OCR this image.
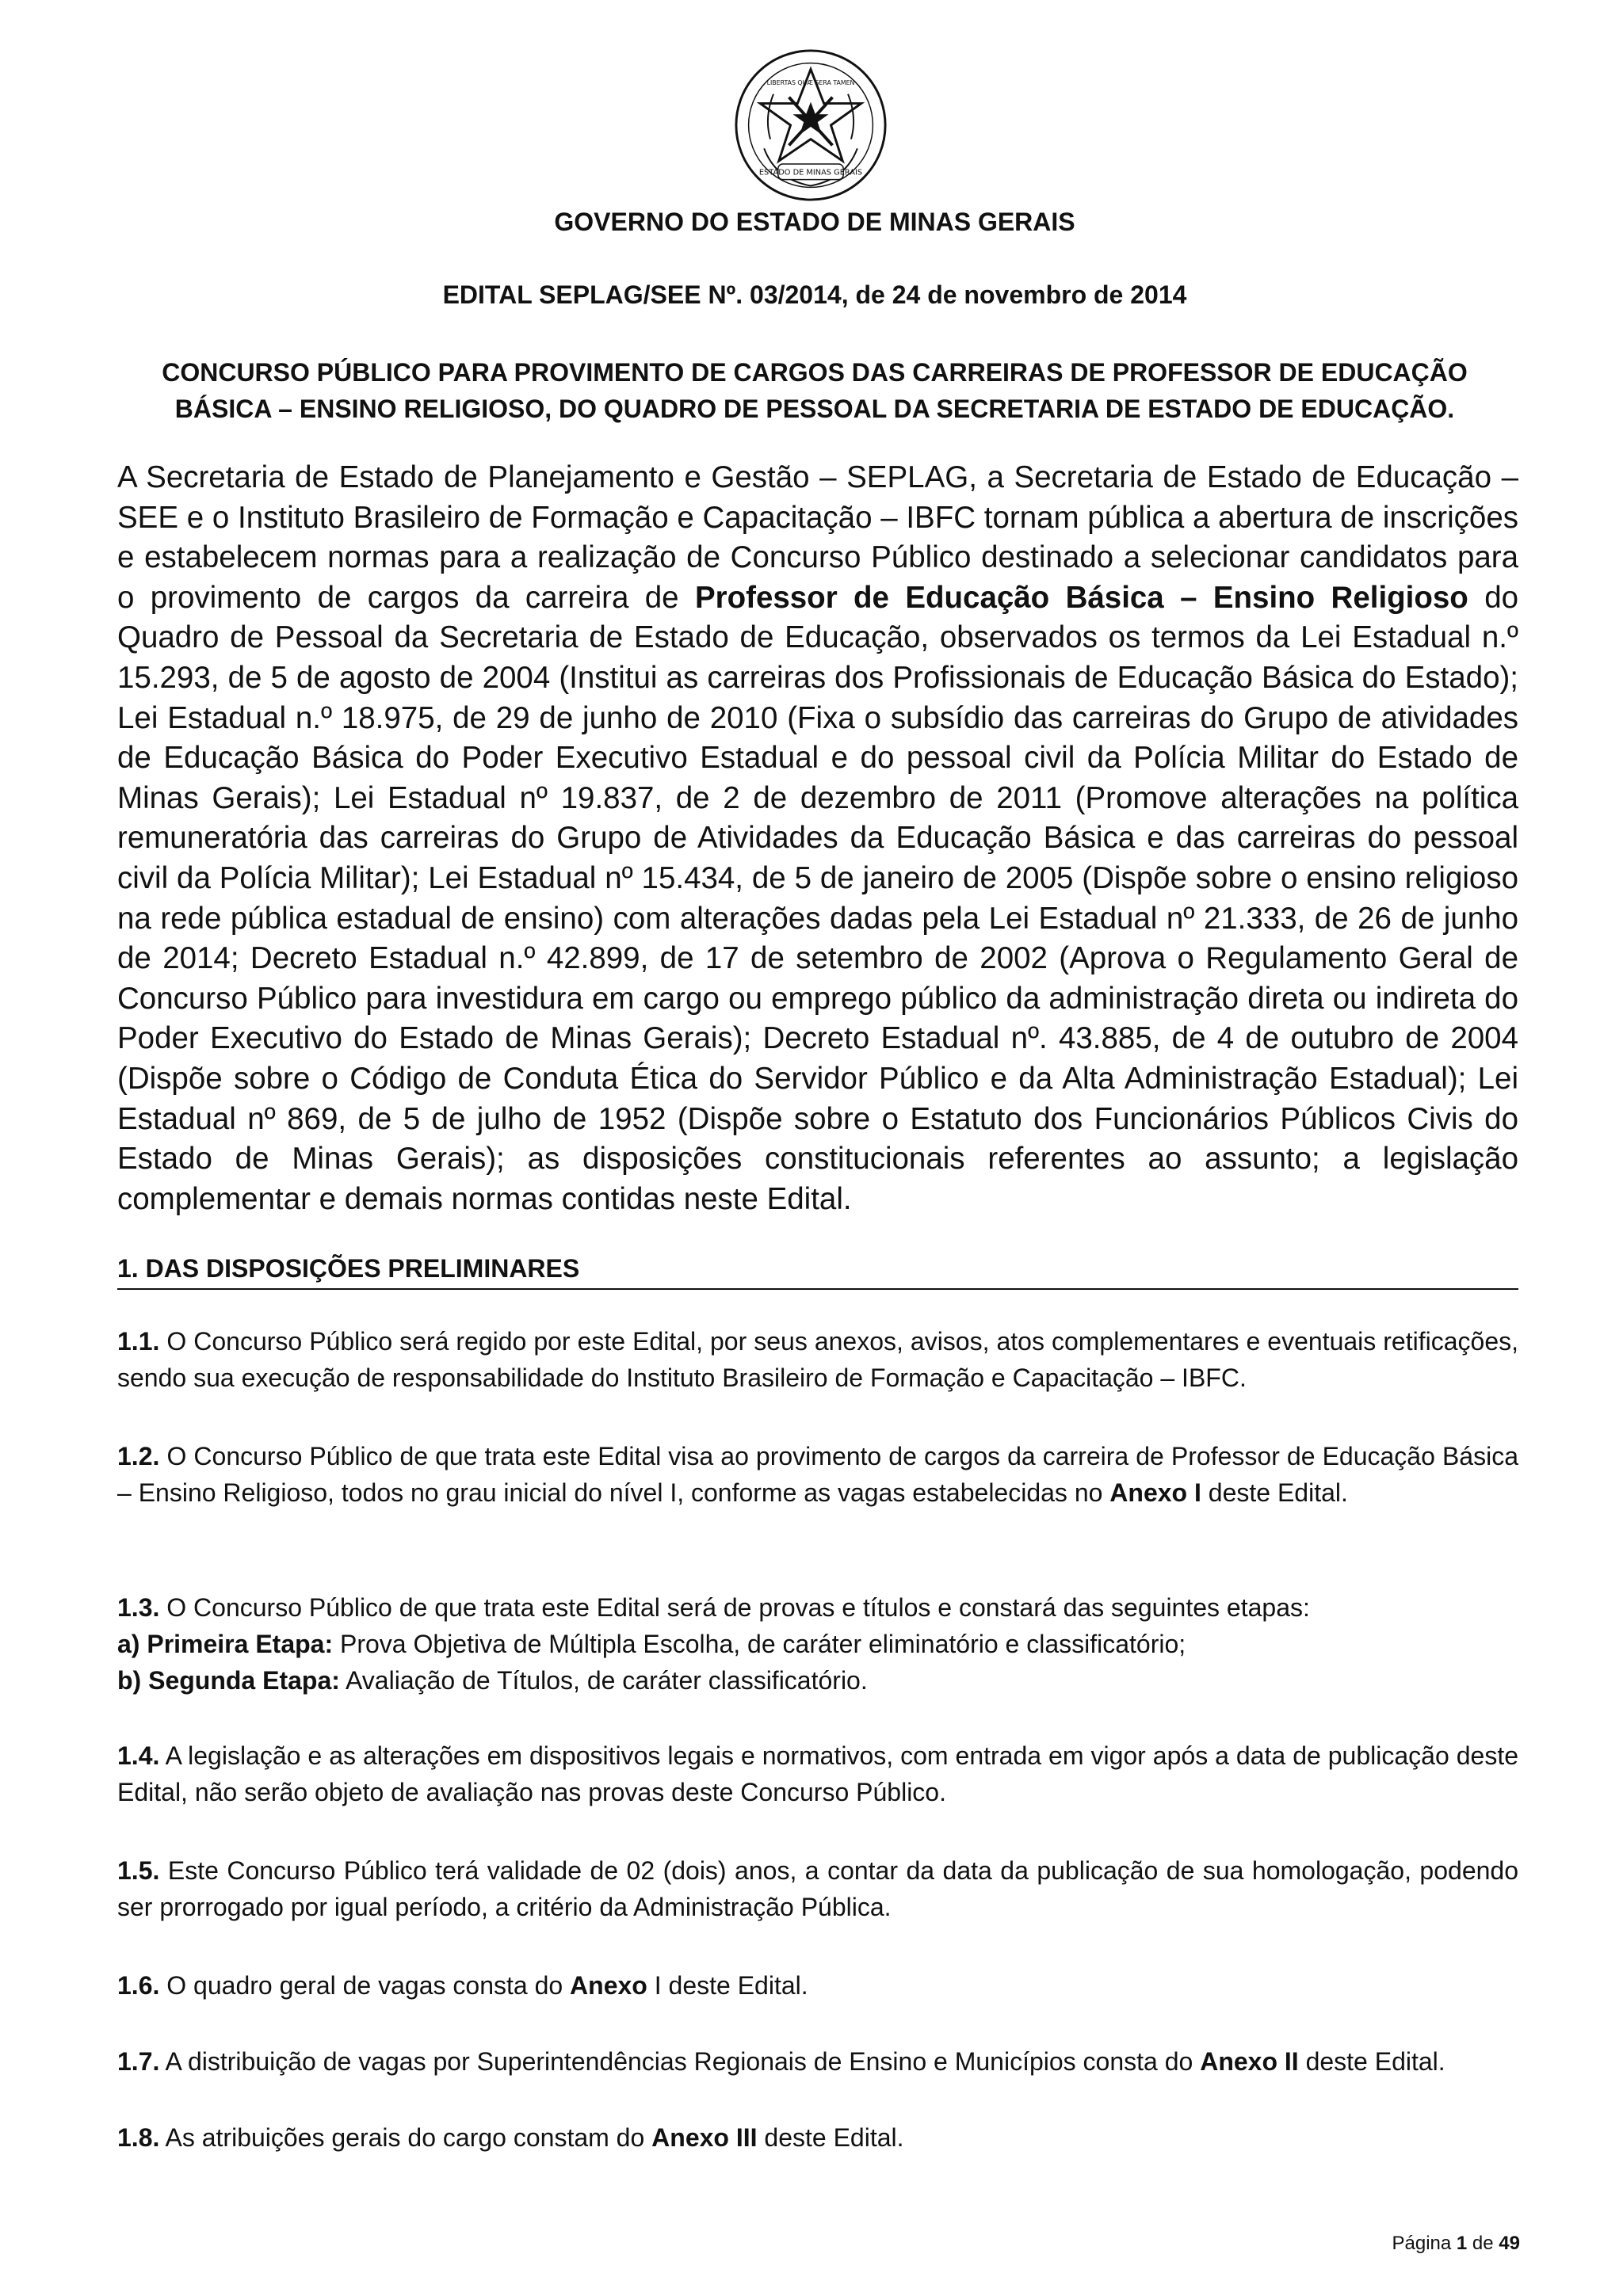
ESTADO DE MINAS GERAIS
LIBERTAS QUÆ SERA TAMEN
GOVERNO DO ESTADO DE MINAS GERAIS
EDITAL SEPLAG/SEE Nº. 03/2014, de 24 de novembro de 2014
CONCURSO PÚBLICO PARA PROVIMENTO DE CARGOS DAS CARREIRAS DE PROFESSOR DE EDUCAÇÃO BÁSICA – ENSINO RELIGIOSO, DO QUADRO DE PESSOAL DA SECRETARIA DE ESTADO DE EDUCAÇÃO.

A Secretaria de Estado de Planejamento e Gestão – SEPLAG, a Secretaria de Estado de Educação – SEE e o Instituto Brasileiro de Formação e Capacitação – IBFC tornam pública a abertura de inscrições e estabelecem normas para a realização de Concurso Público destinado a selecionar candidatos para o provimento de cargos da carreira de Professor de Educação Básica – Ensino Religioso do Quadro de Pessoal da Secretaria de Estado de Educação, observados os termos da Lei Estadual n.º 15.293, de 5 de agosto de 2004 (Institui as carreiras dos Profissionais de Educação Básica do Estado); Lei Estadual n.º 18.975, de 29 de junho de 2010 (Fixa o subsídio das carreiras do Grupo de atividades de Educação Básica do Poder Executivo Estadual e do pessoal civil da Polícia Militar do Estado de Minas Gerais); Lei Estadual nº 19.837, de 2 de dezembro de 2011 (Promove alterações na política remuneratória das carreiras do Grupo de Atividades da Educação Básica e das carreiras do pessoal civil da Polícia Militar); Lei Estadual nº 15.434, de 5 de janeiro de 2005 (Dispõe sobre o ensino religioso na rede pública estadual de ensino) com alterações dadas pela Lei Estadual nº 21.333, de 26 de junho de 2014; Decreto Estadual n.º 42.899, de 17 de setembro de 2002 (Aprova o Regulamento Geral de Concurso Público para investidura em cargo ou emprego público da administração direta ou indireta do Poder Executivo do Estado de Minas Gerais); Decreto Estadual nº. 43.885, de 4 de outubro de 2004 (Dispõe sobre o Código de Conduta Ética do Servidor Público e da Alta Administração Estadual); Lei Estadual nº 869, de 5 de julho de 1952 (Dispõe sobre o Estatuto dos Funcionários Públicos Civis do Estado de Minas Gerais); as disposições constitucionais referentes ao assunto; a legislação complementar e demais normas contidas neste Edital.

1. DAS DISPOSIÇÕES PRELIMINARES

1.1. O Concurso Público será regido por este Edital, por seus anexos, avisos, atos complementares e eventuais retificações, sendo sua execução de responsabilidade do Instituto Brasileiro de Formação e Capacitação – IBFC.

1.2. O Concurso Público de que trata este Edital visa ao provimento de cargos da carreira de Professor de Educação Básica – Ensino Religioso, todos no grau inicial do nível I, conforme as vagas estabelecidas no Anexo I deste Edital.

1.3. O Concurso Público de que trata este Edital será de provas e títulos e constará das seguintes etapas:
a) Primeira Etapa: Prova Objetiva de Múltipla Escolha, de caráter eliminatório e classificatório;
b) Segunda Etapa: Avaliação de Títulos, de caráter classificatório.

1.4. A legislação e as alterações em dispositivos legais e normativos, com entrada em vigor após a data de publicação deste Edital, não serão objeto de avaliação nas provas deste Concurso Público.

1.5. Este Concurso Público terá validade de 02 (dois) anos, a contar da data da publicação de sua homologação, podendo ser prorrogado por igual período, a critério da Administração Pública.

1.6. O quadro geral de vagas consta do Anexo I deste Edital.

1.7. A distribuição de vagas por Superintendências Regionais de Ensino e Municípios consta do Anexo II deste Edital.

1.8. As atribuições gerais do cargo constam do Anexo III deste Edital.
Página 1 de 49
